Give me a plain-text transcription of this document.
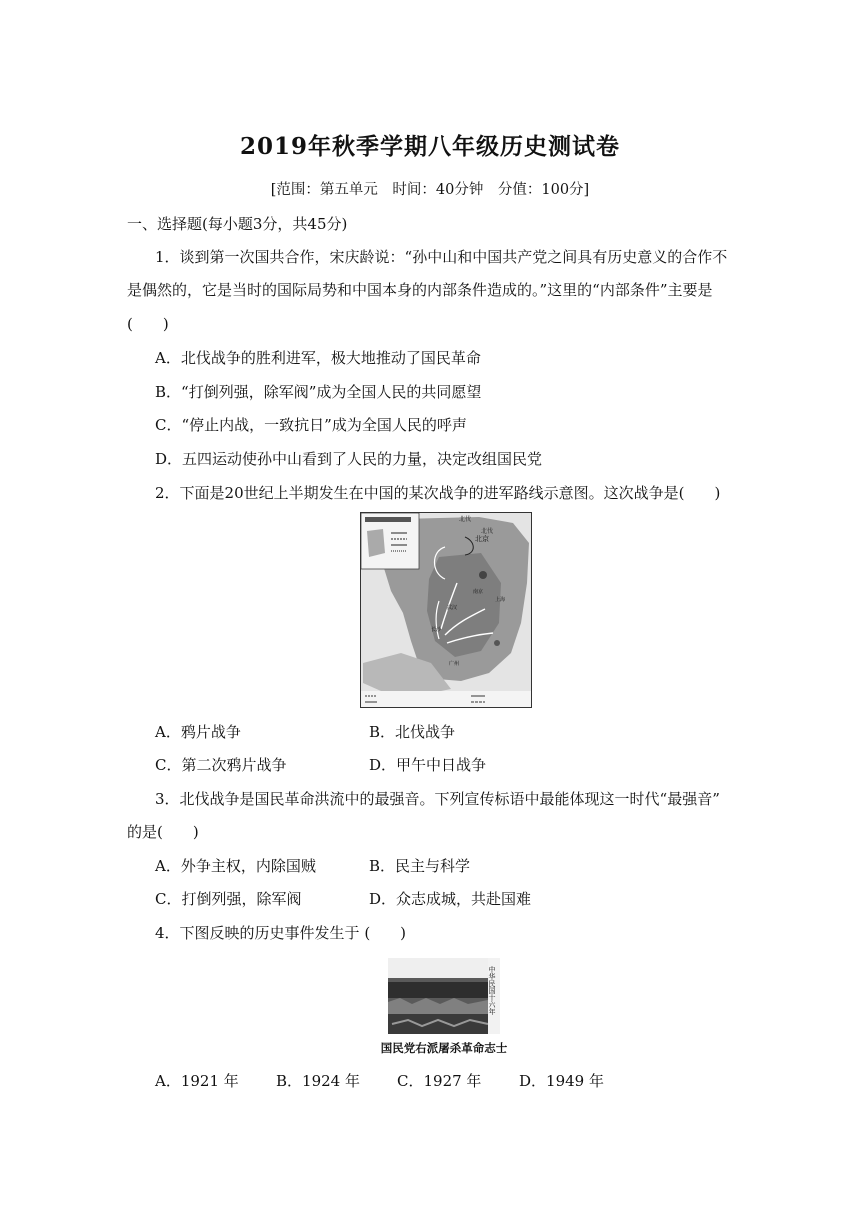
2019年秋季学期八年级历史测试卷
[范围：第五单元　时间：40分钟　分值：100分]
一、选择题(每小题3分，共45分)
1．谈到第一次国共合作，宋庆龄说：“孙中山和中国共产党之间具有历史意义的合作不
是偶然的，它是当时的国际局势和中国本身的内部条件造成的。”这里的“内部条件”主要是
(　　)
A．北伐战争的胜利进军，极大地推动了国民革命
B．“打倒列强，除军阀”成为全国人民的共同愿望
C．“停止内战，一致抗日”成为全国人民的呼声
D．五四运动使孙中山看到了人民的力量，决定改组国民党
2．下面是20世纪上半期发生在中国的某次战争的进军路线示意图。这次战争是(　　)
北伐
北伐
北京
上海
武汉
南京
长沙
广州
A．鸦片战争	B．北伐战争
C．第二次鸦片战争	D．甲午中日战争
3．北伐战争是国民革命洪流中的最强音。下列宣传标语中最能体现这一时代“最强音”
的是(　　)
A．外争主权，内除国贼	B．民主与科学
C．打倒列强，除军阀	D．众志成城，共赴国难
4．下图反映的历史事件发生于 (　　)
中华民国十六年
国民党右派屠杀革命志士
A．1921 年 B．1924 年 C．1927 年	D．1949 年
